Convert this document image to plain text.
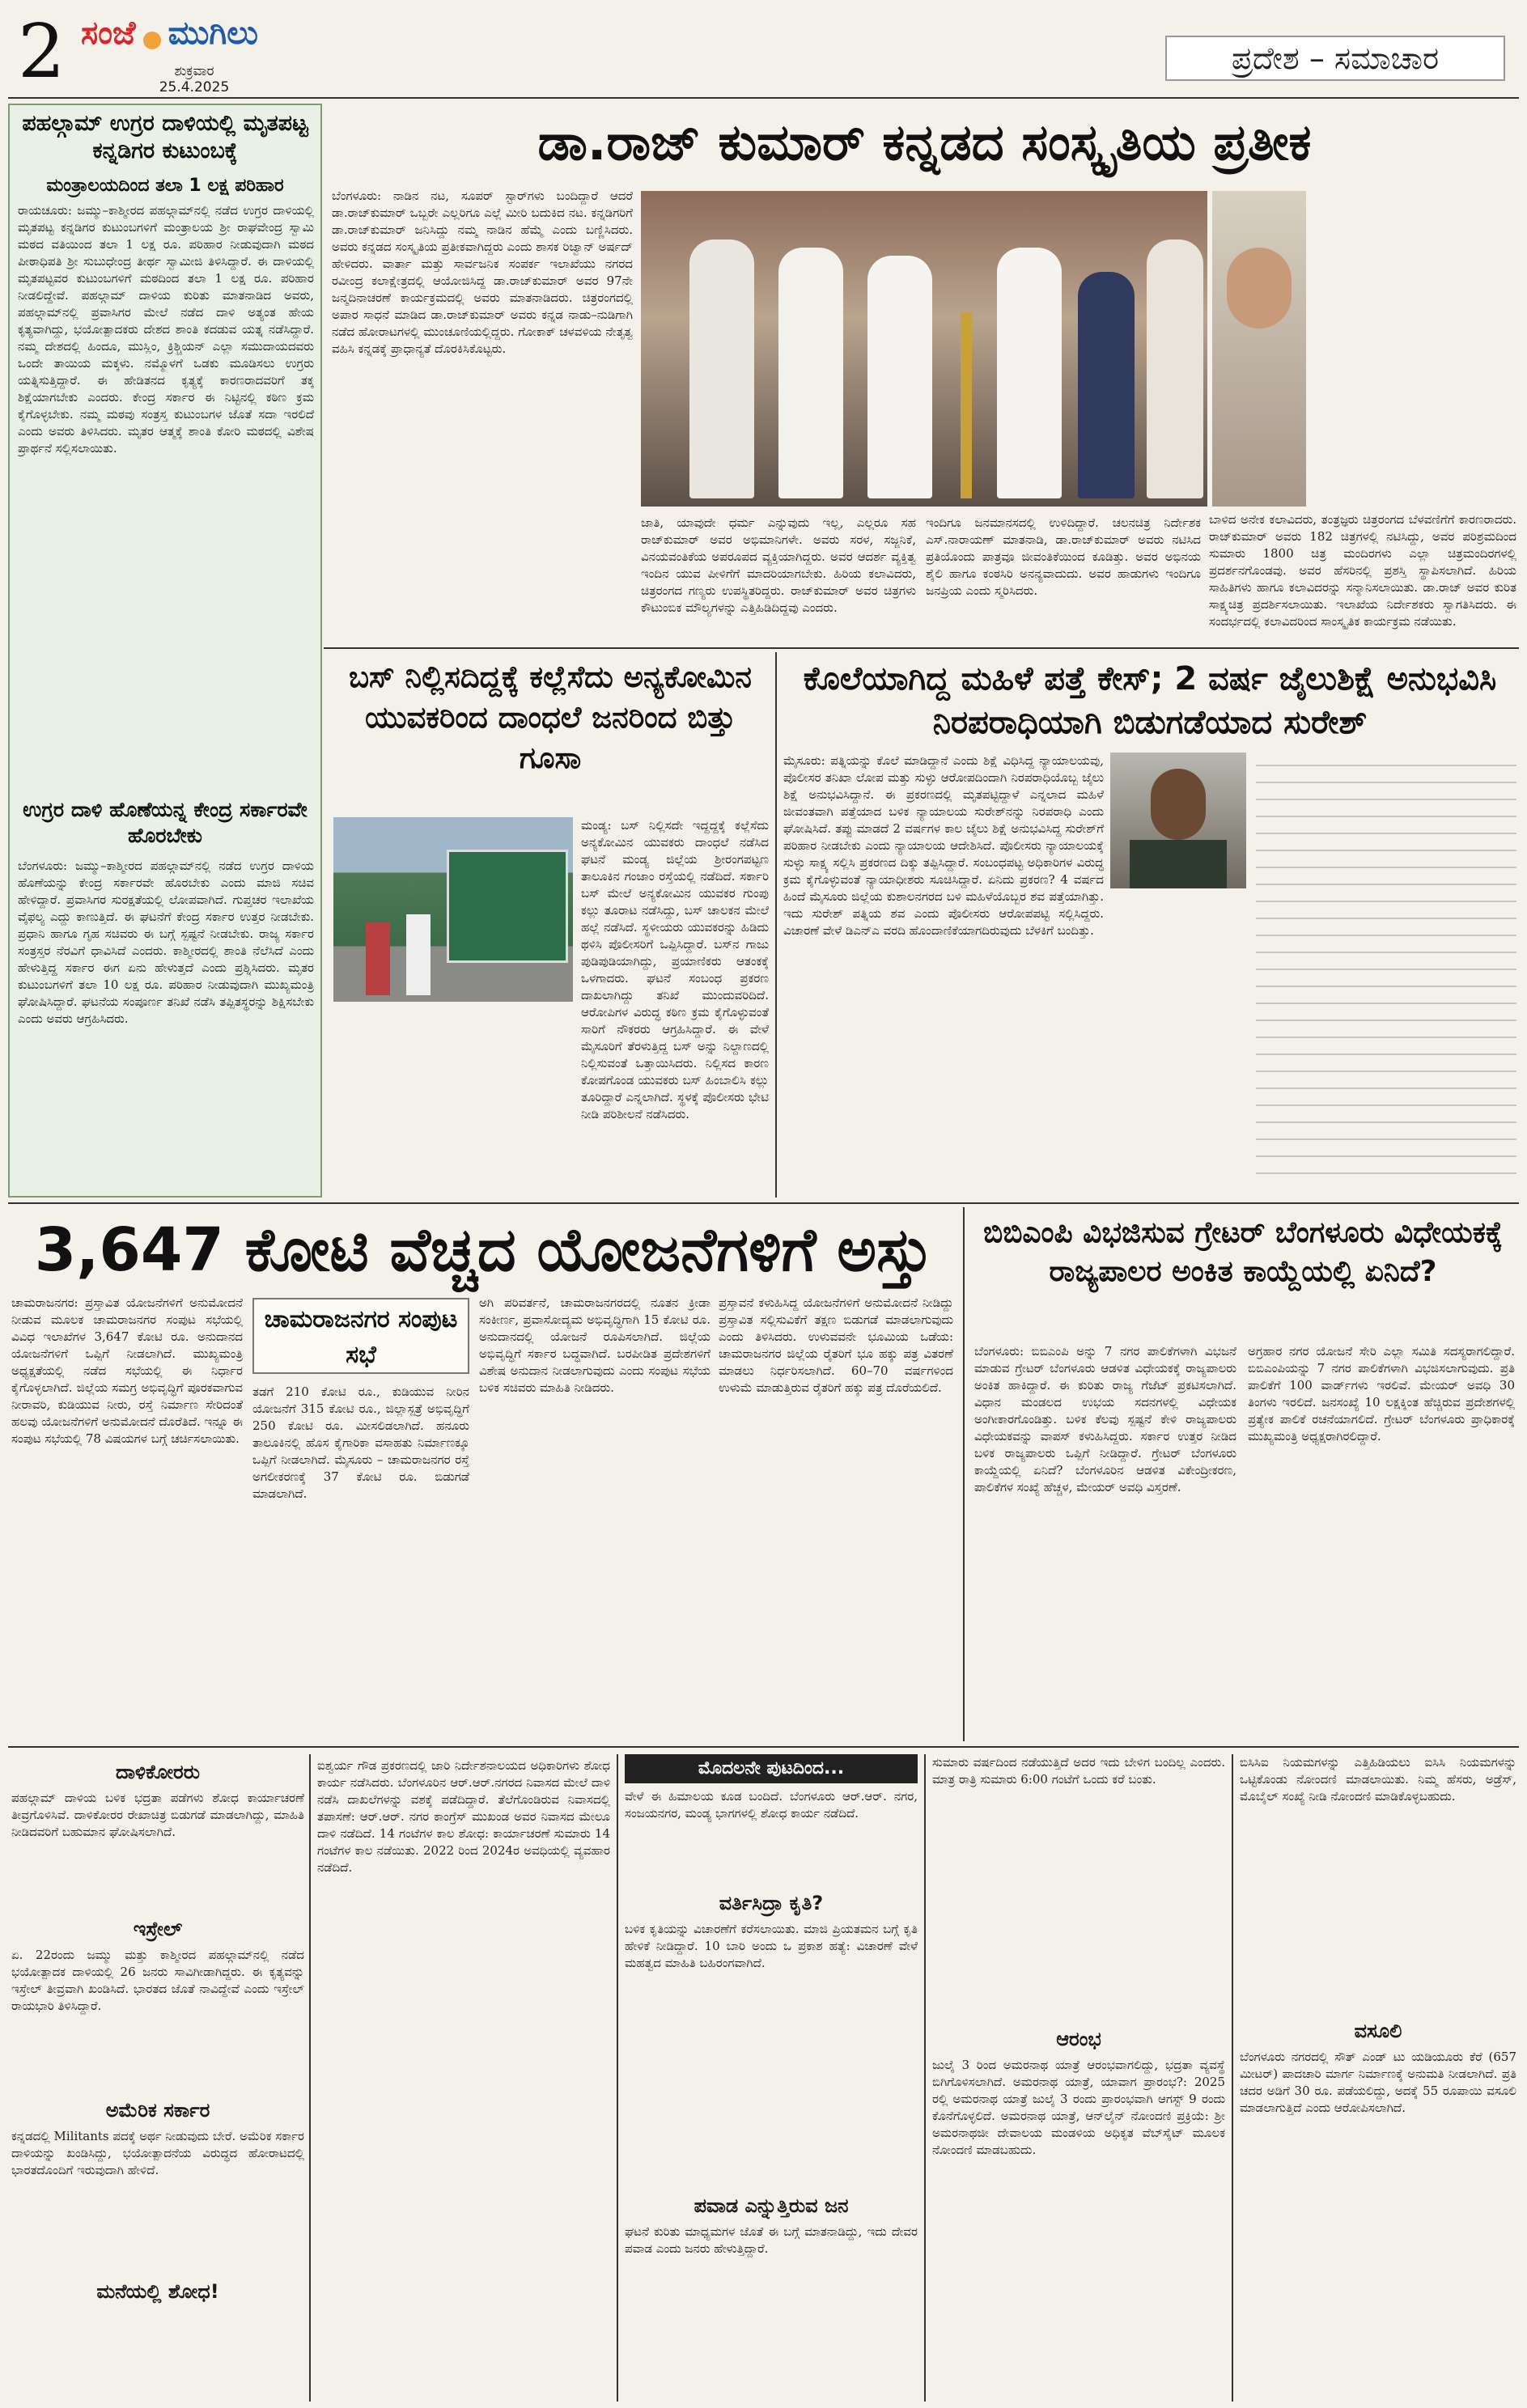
2 ಸಂಜೆ ಮುಗಿಲು
ಶುಕ್ರವಾರ
25.4.2025
ಪ್ರದೇಶ – ಸಮಾಚಾರ
ಪಹಲ್ಗಾಮ್ ಉಗ್ರರ ದಾಳಿಯಲ್ಲಿ ಮೃತಪಟ್ಟ ಕನ್ನಡಿಗರ ಕುಟುಂಬಕ್ಕೆ
ಮಂತ್ರಾಲಯದಿಂದ ತಲಾ 1 ಲಕ್ಷ ಪರಿಹಾರ
ರಾಯಚೂರು: ಜಮ್ಮು–ಕಾಶ್ಮೀರದ ಪಹಲ್ಗಾಮ್‌ನಲ್ಲಿ ನಡೆದ ಉಗ್ರರ ದಾಳಿಯಲ್ಲಿ ಮೃತಪಟ್ಟ ಕನ್ನಡಿಗರ ಕುಟುಂಬಗಳಿಗೆ ಮಂತ್ರಾಲಯ ಶ್ರೀ ರಾಘವೇಂದ್ರ ಸ್ವಾಮಿ ಮಠದ ವತಿಯಿಂದ ತಲಾ 1 ಲಕ್ಷ ರೂ. ಪರಿಹಾರ ನೀಡುವುದಾಗಿ ಮಠದ ಪೀಠಾಧಿಪತಿ ಶ್ರೀ ಸುಬುಧೇಂದ್ರ ತೀರ್ಥ ಸ್ವಾಮೀಜಿ ತಿಳಿಸಿದ್ದಾರೆ. ಈ ದಾಳಿಯಲ್ಲಿ ಮೃತಪಟ್ಟವರ ಕುಟುಂಬಗಳಿಗೆ ಮಠದಿಂದ ತಲಾ 1 ಲಕ್ಷ ರೂ. ಪರಿಹಾರ ನೀಡಲಿದ್ದೇವೆ. ಪಹಲ್ಗಾಮ್ ದಾಳಿಯ ಕುರಿತು ಮಾತನಾಡಿದ ಅವರು, ಪಹಲ್ಗಾಮ್‌ನಲ್ಲಿ ಪ್ರವಾಸಿಗರ ಮೇಲೆ ನಡೆದ ದಾಳಿ ಅತ್ಯಂತ ಹೇಯ ಕೃತ್ಯವಾಗಿದ್ದು, ಭಯೋತ್ಪಾದಕರು ದೇಶದ ಶಾಂತಿ ಕದಡುವ ಯತ್ನ ನಡೆಸಿದ್ದಾರೆ. ನಮ್ಮ ದೇಶದಲ್ಲಿ ಹಿಂದೂ, ಮುಸ್ಲಿಂ, ಕ್ರಿಶ್ಚಿಯನ್ ಎಲ್ಲಾ ಸಮುದಾಯದವರು ಒಂದೇ ತಾಯಿಯ ಮಕ್ಕಳು. ನಮ್ಮೊಳಗೆ ಒಡಕು ಮೂಡಿಸಲು ಉಗ್ರರು ಯತ್ನಿಸುತ್ತಿದ್ದಾರೆ. ಈ ಹೇಡಿತನದ ಕೃತ್ಯಕ್ಕೆ ಕಾರಣರಾದವರಿಗೆ ತಕ್ಕ ಶಿಕ್ಷೆಯಾಗಬೇಕು ಎಂದರು. ಕೇಂದ್ರ ಸರ್ಕಾರ ಈ ನಿಟ್ಟಿನಲ್ಲಿ ಕಠಿಣ ಕ್ರಮ ಕೈಗೊಳ್ಳಬೇಕು. ನಮ್ಮ ಮಠವು ಸಂತ್ರಸ್ತ ಕುಟುಂಬಗಳ ಜೊತೆ ಸದಾ ಇರಲಿದೆ ಎಂದು ಅವರು ತಿಳಿಸಿದರು. ಮೃತರ ಆತ್ಮಕ್ಕೆ ಶಾಂತಿ ಕೋರಿ ಮಠದಲ್ಲಿ ವಿಶೇಷ ಪ್ರಾರ್ಥನೆ ಸಲ್ಲಿಸಲಾಯಿತು.
ಉಗ್ರರ ದಾಳಿ ಹೊಣೆಯನ್ನ ಕೇಂದ್ರ ಸರ್ಕಾರವೇ ಹೊರಬೇಕು
ಬೆಂಗಳೂರು: ಜಮ್ಮು–ಕಾಶ್ಮೀರದ ಪಹಲ್ಗಾಮ್‌ನಲ್ಲಿ ನಡೆದ ಉಗ್ರರ ದಾಳಿಯ ಹೊಣೆಯನ್ನು ಕೇಂದ್ರ ಸರ್ಕಾರವೇ ಹೊರಬೇಕು ಎಂದು ಮಾಜಿ ಸಚಿವ ಹೇಳಿದ್ದಾರೆ. ಪ್ರವಾಸಿಗರ ಸುರಕ್ಷತೆಯಲ್ಲಿ ಲೋಪವಾಗಿದೆ. ಗುಪ್ತಚರ ಇಲಾಖೆಯ ವೈಫಲ್ಯ ಎದ್ದು ಕಾಣುತ್ತಿದೆ. ಈ ಘಟನೆಗೆ ಕೇಂದ್ರ ಸರ್ಕಾರ ಉತ್ತರ ನೀಡಬೇಕು. ಪ್ರಧಾನಿ ಹಾಗೂ ಗೃಹ ಸಚಿವರು ಈ ಬಗ್ಗೆ ಸ್ಪಷ್ಟನೆ ನೀಡಬೇಕು. ರಾಜ್ಯ ಸರ್ಕಾರ ಸಂತ್ರಸ್ತರ ನೆರವಿಗೆ ಧಾವಿಸಿದೆ ಎಂದರು. ಕಾಶ್ಮೀರದಲ್ಲಿ ಶಾಂತಿ ನೆಲೆಸಿದೆ ಎಂದು ಹೇಳುತ್ತಿದ್ದ ಸರ್ಕಾರ ಈಗ ಏನು ಹೇಳುತ್ತದೆ ಎಂದು ಪ್ರಶ್ನಿಸಿದರು. ಮೃತರ ಕುಟುಂಬಗಳಿಗೆ ತಲಾ 10 ಲಕ್ಷ ರೂ. ಪರಿಹಾರ ನೀಡುವುದಾಗಿ ಮುಖ್ಯಮಂತ್ರಿ ಘೋಷಿಸಿದ್ದಾರೆ. ಘಟನೆಯ ಸಂಪೂರ್ಣ ತನಿಖೆ ನಡೆಸಿ ತಪ್ಪಿತಸ್ಥರನ್ನು ಶಿಕ್ಷಿಸಬೇಕು ಎಂದು ಅವರು ಆಗ್ರಹಿಸಿದರು.
ಡಾ.ರಾಜ್ ಕುಮಾರ್ ಕನ್ನಡದ ಸಂಸ್ಕೃತಿಯ ಪ್ರತೀಕ
ಬೆಂಗಳೂರು: ನಾಡಿನ ನಟ, ಸೂಪರ್ ಸ್ಟಾರ್‌ಗಳು ಬಂದಿದ್ದಾರೆ ಆದರೆ ಡಾ.ರಾಜ್‌ಕುಮಾರ್ ಒಬ್ಬರೇ ಎಲ್ಲರಿಗೂ ಎಲ್ಲೆ ಮೀರಿ ಬದುಕಿದ ನಟ. ಕನ್ನಡಿಗರಿಗೆ ಡಾ.ರಾಜ್‌ಕುಮಾರ್ ಜನಿಸಿದ್ದು ನಮ್ಮ ನಾಡಿನ ಹೆಮ್ಮೆ ಎಂದು ಬಣ್ಣಿಸಿದರು. ಅವರು ಕನ್ನಡದ ಸಂಸ್ಕೃತಿಯ ಪ್ರತೀಕವಾಗಿದ್ದರು ಎಂದು ಶಾಸಕ ರಿಜ್ವಾನ್ ಅರ್ಷದ್ ಹೇಳಿದರು. ವಾರ್ತಾ ಮತ್ತು ಸಾರ್ವಜನಿಕ ಸಂಪರ್ಕ ಇಲಾಖೆಯು ನಗರದ ರವೀಂದ್ರ ಕಲಾಕ್ಷೇತ್ರದಲ್ಲಿ ಆಯೋಜಿಸಿದ್ದ ಡಾ.ರಾಜ್‌ಕುಮಾರ್ ಅವರ 97ನೇ ಜನ್ಮದಿನಾಚರಣೆ ಕಾರ್ಯಕ್ರಮದಲ್ಲಿ ಅವರು ಮಾತನಾಡಿದರು. ಚಿತ್ರರಂಗದಲ್ಲಿ ಅಪಾರ ಸಾಧನೆ ಮಾಡಿದ ಡಾ.ರಾಜ್‌ಕುಮಾರ್ ಅವರು ಕನ್ನಡ ನಾಡು–ನುಡಿಗಾಗಿ ನಡೆದ ಹೋರಾಟಗಳಲ್ಲಿ ಮುಂಚೂಣಿಯಲ್ಲಿದ್ದರು. ಗೋಕಾಕ್ ಚಳವಳಿಯ ನೇತೃತ್ವ ವಹಿಸಿ ಕನ್ನಡಕ್ಕೆ ಪ್ರಾಧಾನ್ಯತೆ ದೊರಕಿಸಿಕೊಟ್ಟರು.
ಜಾತಿ, ಯಾವುದೇ ಧರ್ಮ ಎನ್ನುವುದು ಇಲ್ಲ, ಎಲ್ಲರೂ ಸಹ ರಾಜ್‌ಕುಮಾರ್ ಅವರ ಅಭಿಮಾನಿಗಳೇ. ಅವರು ಸರಳ, ಸಜ್ಜನಿಕೆ, ವಿನಯವಂತಿಕೆಯ ಅಪರೂಪದ ವ್ಯಕ್ತಿಯಾಗಿದ್ದರು. ಅವರ ಆದರ್ಶ ವ್ಯಕ್ತಿತ್ವ ಇಂದಿನ ಯುವ ಪೀಳಿಗೆಗೆ ಮಾದರಿಯಾಗಬೇಕು. ಹಿರಿಯ ಕಲಾವಿದರು, ಚಿತ್ರರಂಗದ ಗಣ್ಯರು ಉಪಸ್ಥಿತರಿದ್ದರು. ರಾಜ್‌ಕುಮಾರ್ ಅವರ ಚಿತ್ರಗಳು ಕೌಟುಂಬಿಕ ಮೌಲ್ಯಗಳನ್ನು ಎತ್ತಿಹಿಡಿದಿದ್ದವು ಎಂದರು.
ಇಂದಿಗೂ ಜನಮಾನಸದಲ್ಲಿ ಉಳಿದಿದ್ದಾರೆ. ಚಲನಚಿತ್ರ ನಿರ್ದೇಶಕ ಎಸ್.ನಾರಾಯಣ್ ಮಾತನಾಡಿ, ಡಾ.ರಾಜ್‌ಕುಮಾರ್ ಅವರು ನಟಿಸಿದ ಪ್ರತಿಯೊಂದು ಪಾತ್ರವೂ ಜೀವಂತಿಕೆಯಿಂದ ಕೂಡಿತ್ತು. ಅವರ ಅಭಿನಯ ಶೈಲಿ ಹಾಗೂ ಕಂಠಸಿರಿ ಅನನ್ಯವಾದುದು. ಅವರ ಹಾಡುಗಳು ಇಂದಿಗೂ ಜನಪ್ರಿಯ ಎಂದು ಸ್ಮರಿಸಿದರು.
ಬಾಳಿದ ಅನೇಕ ಕಲಾವಿದರು, ತಂತ್ರಜ್ಞರು ಚಿತ್ರರಂಗದ ಬೆಳವಣಿಗೆಗೆ ಕಾರಣರಾದರು. ರಾಜ್‌ಕುಮಾರ್ ಅವರು 182 ಚಿತ್ರಗಳಲ್ಲಿ ನಟಿಸಿದ್ದು, ಅವರ ಪರಿಶ್ರಮದಿಂದ ಸುಮಾರು 1800 ಚಿತ್ರ ಮಂದಿರಗಳು ಎಲ್ಲಾ ಚಿತ್ರಮಂದಿರಗಳಲ್ಲಿ ಪ್ರದರ್ಶನಗೊಂಡವು. ಅವರ ಹೆಸರಿನಲ್ಲಿ ಪ್ರಶಸ್ತಿ ಸ್ಥಾಪಿಸಲಾಗಿದೆ. ಹಿರಿಯ ಸಾಹಿತಿಗಳು ಹಾಗೂ ಕಲಾವಿದರನ್ನು ಸನ್ಮಾನಿಸಲಾಯಿತು. ಡಾ.ರಾಜ್ ಅವರ ಕುರಿತ ಸಾಕ್ಷ್ಯಚಿತ್ರ ಪ್ರದರ್ಶಿಸಲಾಯಿತು. ಇಲಾಖೆಯ ನಿರ್ದೇಶಕರು ಸ್ವಾಗತಿಸಿದರು. ಈ ಸಂದರ್ಭದಲ್ಲಿ ಕಲಾವಿದರಿಂದ ಸಾಂಸ್ಕೃತಿಕ ಕಾರ್ಯಕ್ರಮ ನಡೆಯಿತು.
ಬಸ್ ನಿಲ್ಲಿಸದಿದ್ದಕ್ಕೆ ಕಲ್ಲೆಸೆದು ಅನ್ಯಕೋಮಿನ ಯುವಕರಿಂದ ದಾಂಧಲೆ ಜನರಿಂದ ಬಿತ್ತು ಗೂಸಾ
ಮಂಡ್ಯ: ಬಸ್ ನಿಲ್ಲಿಸದೇ ಇದ್ದದ್ದಕ್ಕೆ ಕಲ್ಲೆಸೆದು ಅನ್ಯಕೋಮಿನ ಯುವಕರು ದಾಂಧಲೆ ನಡೆಸಿದ ಘಟನೆ ಮಂಡ್ಯ ಜಿಲ್ಲೆಯ ಶ್ರೀರಂಗಪಟ್ಟಣ ತಾಲೂಕಿನ ಗಂಜಾಂ ರಸ್ತೆಯಲ್ಲಿ ನಡೆದಿದೆ. ಸರ್ಕಾರಿ ಬಸ್ ಮೇಲೆ ಅನ್ಯಕೋಮಿನ ಯುವಕರ ಗುಂಪು ಕಲ್ಲು ತೂರಾಟ ನಡೆಸಿದ್ದು, ಬಸ್ ಚಾಲಕನ ಮೇಲೆ ಹಲ್ಲೆ ನಡೆಸಿದೆ. ಸ್ಥಳೀಯರು ಯುವಕರನ್ನು ಹಿಡಿದು ಥಳಿಸಿ ಪೊಲೀಸರಿಗೆ ಒಪ್ಪಿಸಿದ್ದಾರೆ. ಬಸ್‌ನ ಗಾಜು ಪುಡಿಪುಡಿಯಾಗಿದ್ದು, ಪ್ರಯಾಣಿಕರು ಆತಂಕಕ್ಕೆ ಒಳಗಾದರು. ಘಟನೆ ಸಂಬಂಧ ಪ್ರಕರಣ ದಾಖಲಾಗಿದ್ದು ತನಿಖೆ ಮುಂದುವರಿದಿದೆ. ಆರೋಪಿಗಳ ವಿರುದ್ಧ ಕಠಿಣ ಕ್ರಮ ಕೈಗೊಳ್ಳುವಂತೆ ಸಾರಿಗೆ ನೌಕರರು ಆಗ್ರಹಿಸಿದ್ದಾರೆ. ಈ ವೇಳೆ ಮೈಸೂರಿಗೆ ತೆರಳುತ್ತಿದ್ದ ಬಸ್ ಅನ್ನು ನಿಲ್ದಾಣದಲ್ಲಿ ನಿಲ್ಲಿಸುವಂತೆ ಒತ್ತಾಯಿಸಿದರು. ನಿಲ್ಲಿಸದ ಕಾರಣ ಕೋಪಗೊಂಡ ಯುವಕರು ಬಸ್ ಹಿಂಬಾಲಿಸಿ ಕಲ್ಲು ತೂರಿದ್ದಾರೆ ಎನ್ನಲಾಗಿದೆ. ಸ್ಥಳಕ್ಕೆ ಪೊಲೀಸರು ಭೇಟಿ ನೀಡಿ ಪರಿಶೀಲನೆ ನಡೆಸಿದರು.
ಕೊಲೆಯಾಗಿದ್ದ ಮಹಿಳೆ ಪತ್ತೆ ಕೇಸ್; 2 ವರ್ಷ ಜೈಲುಶಿಕ್ಷೆ ಅನುಭವಿಸಿ ನಿರಪರಾಧಿಯಾಗಿ ಬಿಡುಗಡೆಯಾದ ಸುರೇಶ್
ಮೈಸೂರು: ಪತ್ನಿಯನ್ನು ಕೊಲೆ ಮಾಡಿದ್ದಾನೆ ಎಂದು ಶಿಕ್ಷೆ ವಿಧಿಸಿದ್ದ ನ್ಯಾಯಾಲಯವು, ಪೊಲೀಸರ ತನಿಖಾ ಲೋಪ ಮತ್ತು ಸುಳ್ಳು ಆರೋಪದಿಂದಾಗಿ ನಿರಪರಾಧಿಯೊಬ್ಬ ಜೈಲು ಶಿಕ್ಷೆ ಅನುಭವಿಸಿದ್ದಾನೆ. ಈ ಪ್ರಕರಣದಲ್ಲಿ ಮೃತಪಟ್ಟಿದ್ದಾಳೆ ಎನ್ನಲಾದ ಮಹಿಳೆ ಜೀವಂತವಾಗಿ ಪತ್ತೆಯಾದ ಬಳಿಕ ನ್ಯಾಯಾಲಯ ಸುರೇಶ್‌ನನ್ನು ನಿರಪರಾಧಿ ಎಂದು ಘೋಷಿಸಿದೆ. ತಪ್ಪು ಮಾಡದೆ 2 ವರ್ಷಗಳ ಕಾಲ ಜೈಲು ಶಿಕ್ಷೆ ಅನುಭವಿಸಿದ್ದ ಸುರೇಶ್‌ಗೆ ಪರಿಹಾರ ನೀಡಬೇಕು ಎಂದು ನ್ಯಾಯಾಲಯ ಆದೇಶಿಸಿದೆ. ಪೊಲೀಸರು ನ್ಯಾಯಾಲಯಕ್ಕೆ ಸುಳ್ಳು ಸಾಕ್ಷ್ಯ ಸಲ್ಲಿಸಿ ಪ್ರಕರಣದ ದಿಕ್ಕು ತಪ್ಪಿಸಿದ್ದಾರೆ. ಸಂಬಂಧಪಟ್ಟ ಅಧಿಕಾರಿಗಳ ವಿರುದ್ಧ ಕ್ರಮ ಕೈಗೊಳ್ಳುವಂತೆ ನ್ಯಾಯಾಧೀಶರು ಸೂಚಿಸಿದ್ದಾರೆ. ಏನಿದು ಪ್ರಕರಣ? 4 ವರ್ಷದ ಹಿಂದೆ ಮೈಸೂರು ಜಿಲ್ಲೆಯ ಕುಶಾಲನಗರದ ಬಳಿ ಮಹಿಳೆಯೊಬ್ಬರ ಶವ ಪತ್ತೆಯಾಗಿತ್ತು. ಇದು ಸುರೇಶ್ ಪತ್ನಿಯ ಶವ ಎಂದು ಪೊಲೀಸರು ಆರೋಪಪಟ್ಟಿ ಸಲ್ಲಿಸಿದ್ದರು. ವಿಚಾರಣೆ ವೇಳೆ ಡಿಎನ್‌ಎ ವರದಿ ಹೊಂದಾಣಿಕೆಯಾಗದಿರುವುದು ಬೆಳಕಿಗೆ ಬಂದಿತ್ತು.
3,647 ಕೋಟಿ ವೆಚ್ಚದ ಯೋಜನೆಗಳಿಗೆ ಅಸ್ತು
ಚಾಮರಾಜನಗರ: ಪ್ರಸ್ತಾವಿತ ಯೋಜನೆಗಳಿಗೆ ಅನುಮೋದನೆ ನೀಡುವ ಮೂಲಕ ಚಾಮರಾಜನಗರ ಸಂಪುಟ ಸಭೆಯಲ್ಲಿ ವಿವಿಧ ಇಲಾಖೆಗಳ 3,647 ಕೋಟಿ ರೂ. ಅನುದಾನದ ಯೋಜನೆಗಳಿಗೆ ಒಪ್ಪಿಗೆ ನೀಡಲಾಗಿದೆ. ಮುಖ್ಯಮಂತ್ರಿ ಅಧ್ಯಕ್ಷತೆಯಲ್ಲಿ ನಡೆದ ಸಭೆಯಲ್ಲಿ ಈ ನಿರ್ಧಾರ ಕೈಗೊಳ್ಳಲಾಗಿದೆ. ಜಿಲ್ಲೆಯ ಸಮಗ್ರ ಅಭಿವೃದ್ಧಿಗೆ ಪೂರಕವಾಗುವ ನೀರಾವರಿ, ಕುಡಿಯುವ ನೀರು, ರಸ್ತೆ ನಿರ್ಮಾಣ ಸೇರಿದಂತೆ ಹಲವು ಯೋಜನೆಗಳಿಗೆ ಅನುಮೋದನೆ ದೊರೆತಿದೆ. ಇನ್ನೂ ಈ ಸಂಪುಟ ಸಭೆಯಲ್ಲಿ 78 ವಿಷಯಗಳ ಬಗ್ಗೆ ಚರ್ಚಿಸಲಾಯಿತು.
ಚಾಮರಾಜನಗರ ಸಂಪುಟ ಸಭೆ
ತಡಗೆ 210 ಕೋಟಿ ರೂ., ಕುಡಿಯುವ ನೀರಿನ ಯೋಜನೆಗೆ 315 ಕೋಟಿ ರೂ., ಜಿಲ್ಲಾಸ್ಪತ್ರೆ ಅಭಿವೃದ್ಧಿಗೆ 250 ಕೋಟಿ ರೂ. ಮೀಸಲಿಡಲಾಗಿದೆ. ಹನೂರು ತಾಲೂಕಿನಲ್ಲಿ ಹೊಸ ಕೈಗಾರಿಕಾ ವಸಾಹತು ನಿರ್ಮಾಣಕ್ಕೂ ಒಪ್ಪಿಗೆ ನೀಡಲಾಗಿದೆ. ಮೈಸೂರು – ಚಾಮರಾಜನಗರ ರಸ್ತೆ ಅಗಲೀಕರಣಕ್ಕೆ 37 ಕೋಟಿ ರೂ. ಬಿಡುಗಡೆ ಮಾಡಲಾಗಿದೆ.
ಅಗಿ ಪರಿವರ್ತನೆ, ಚಾಮರಾಜನಗರದಲ್ಲಿ ನೂತನ ಕ್ರೀಡಾ ಸಂಕೀರ್ಣ, ಪ್ರವಾಸೋದ್ಯಮ ಅಭಿವೃದ್ಧಿಗಾಗಿ 15 ಕೋಟಿ ರೂ. ಅನುದಾನದಲ್ಲಿ ಯೋಜನೆ ರೂಪಿಸಲಾಗಿದೆ. ಜಿಲ್ಲೆಯ ಅಭಿವೃದ್ಧಿಗೆ ಸರ್ಕಾರ ಬದ್ಧವಾಗಿದೆ. ಬರಪೀಡಿತ ಪ್ರದೇಶಗಳಿಗೆ ವಿಶೇಷ ಅನುದಾನ ನೀಡಲಾಗುವುದು ಎಂದು ಸಂಪುಟ ಸಭೆಯ ಬಳಿಕ ಸಚಿವರು ಮಾಹಿತಿ ನೀಡಿದರು.
ಪ್ರಸ್ತಾವನೆ ಕಳುಹಿಸಿದ್ದ ಯೋಜನೆಗಳಿಗೆ ಅನುಮೋದನೆ ನೀಡಿದ್ದು ಪ್ರಸ್ತಾವಿತ ಸಲ್ಲಿಸುವಿಕೆಗೆ ತಕ್ಷಣ ಬಿಡುಗಡೆ ಮಾಡಲಾಗುವುದು ಎಂದು ತಿಳಿಸಿದರು. ಉಳುವವನೇ ಭೂಮಿಯ ಒಡೆಯ: ಚಾಮರಾಜನಗರ ಜಿಲ್ಲೆಯ ರೈತರಿಗೆ ಭೂ ಹಕ್ಕು ಪತ್ರ ವಿತರಣೆ ಮಾಡಲು ನಿರ್ಧರಿಸಲಾಗಿದೆ. 60–70 ವರ್ಷಗಳಿಂದ ಉಳುಮೆ ಮಾಡುತ್ತಿರುವ ರೈತರಿಗೆ ಹಕ್ಕು ಪತ್ರ ದೊರೆಯಲಿದೆ.
ಬಿಬಿಎಂಪಿ ವಿಭಜಿಸುವ ಗ್ರೇಟರ್ ಬೆಂಗಳೂರು ವಿಧೇಯಕಕ್ಕೆ ರಾಜ್ಯಪಾಲರ ಅಂಕಿತ ಕಾಯ್ದೆಯಲ್ಲಿ ಏನಿದೆ?
ಬೆಂಗಳೂರು: ಬಿಬಿಎಂಪಿ ಅನ್ನು 7 ನಗರ ಪಾಲಿಕೆಗಳಾಗಿ ವಿಭಜನೆ ಮಾಡುವ ಗ್ರೇಟರ್ ಬೆಂಗಳೂರು ಆಡಳಿತ ವಿಧೇಯಕಕ್ಕೆ ರಾಜ್ಯಪಾಲರು ಅಂಕಿತ ಹಾಕಿದ್ದಾರೆ. ಈ ಕುರಿತು ರಾಜ್ಯ ಗೆಜೆಟ್ ಪ್ರಕಟಿಸಲಾಗಿದೆ. ವಿಧಾನ ಮಂಡಲದ ಉಭಯ ಸದನಗಳಲ್ಲಿ ವಿಧೇಯಕ ಅಂಗೀಕಾರಗೊಂಡಿತ್ತು. ಬಳಿಕ ಕೆಲವು ಸ್ಪಷ್ಟನೆ ಕೇಳಿ ರಾಜ್ಯಪಾಲರು ವಿಧೇಯಕವನ್ನು ವಾಪಸ್ ಕಳುಹಿಸಿದ್ದರು. ಸರ್ಕಾರ ಉತ್ತರ ನೀಡಿದ ಬಳಿಕ ರಾಜ್ಯಪಾಲರು ಒಪ್ಪಿಗೆ ನೀಡಿದ್ದಾರೆ. ಗ್ರೇಟರ್ ಬೆಂಗಳೂರು ಕಾಯ್ದೆಯಲ್ಲಿ ಏನಿದೆ? ಬೆಂಗಳೂರಿನ ಆಡಳಿತ ವಿಕೇಂದ್ರೀಕರಣ, ಪಾಲಿಕೆಗಳ ಸಂಖ್ಯೆ ಹೆಚ್ಚಳ, ಮೇಯರ್ ಅವಧಿ ವಿಸ್ತರಣೆ.
ಅಗ್ರಹಾರ ನಗರ ಯೋಜನೆ ಸೇರಿ ಎಲ್ಲಾ ಸಮಿತಿ ಸದಸ್ಯರಾಗಲಿದ್ದಾರೆ. ಬಿಬಿಎಂಪಿಯನ್ನು 7 ನಗರ ಪಾಲಿಕೆಗಳಾಗಿ ವಿಭಜಿಸಲಾಗುವುದು. ಪ್ರತಿ ಪಾಲಿಕೆಗೆ 100 ವಾರ್ಡ್‌ಗಳು ಇರಲಿವೆ. ಮೇಯರ್ ಅವಧಿ 30 ತಿಂಗಳು ಇರಲಿದೆ. ಜನಸಂಖ್ಯೆ 10 ಲಕ್ಷಕ್ಕಿಂತ ಹೆಚ್ಚಿರುವ ಪ್ರದೇಶಗಳಲ್ಲಿ ಪ್ರತ್ಯೇಕ ಪಾಲಿಕೆ ರಚನೆಯಾಗಲಿದೆ. ಗ್ರೇಟರ್ ಬೆಂಗಳೂರು ಪ್ರಾಧಿಕಾರಕ್ಕೆ ಮುಖ್ಯಮಂತ್ರಿ ಅಧ್ಯಕ್ಷರಾಗಿರಲಿದ್ದಾರೆ.
ದಾಳಿಕೋರರು
ಪಹಲ್ಗಾಮ್ ದಾಳಿಯ ಬಳಿಕ ಭದ್ರತಾ ಪಡೆಗಳು ಶೋಧ ಕಾರ್ಯಾಚರಣೆ ತೀವ್ರಗೊಳಿಸಿವೆ. ದಾಳಿಕೋರರ ರೇಖಾಚಿತ್ರ ಬಿಡುಗಡೆ ಮಾಡಲಾಗಿದ್ದು, ಮಾಹಿತಿ ನೀಡಿದವರಿಗೆ ಬಹುಮಾನ ಘೋಷಿಸಲಾಗಿದೆ.
ಇಸ್ರೇಲ್
ಏ. 22ರಂದು ಜಮ್ಮು ಮತ್ತು ಕಾಶ್ಮೀರದ ಪಹಲ್ಗಾಮ್‌ನಲ್ಲಿ ನಡೆದ ಭಯೋತ್ಪಾದಕ ದಾಳಿಯಲ್ಲಿ 26 ಜನರು ಸಾವಿಗೀಡಾಗಿದ್ದರು. ಈ ಕೃತ್ಯವನ್ನು ಇಸ್ರೇಲ್ ತೀವ್ರವಾಗಿ ಖಂಡಿಸಿದೆ. ಭಾರತದ ಜೊತೆ ನಾವಿದ್ದೇವೆ ಎಂದು ಇಸ್ರೇಲ್ ರಾಯಭಾರಿ ತಿಳಿಸಿದ್ದಾರೆ.
ಅಮೆರಿಕ ಸರ್ಕಾರ
ಕನ್ನಡದಲ್ಲಿ Militants ಪದಕ್ಕೆ ಅರ್ಥ ನೀಡುವುದು ಬೇರೆ. ಅಮೆರಿಕ ಸರ್ಕಾರ ದಾಳಿಯನ್ನು ಖಂಡಿಸಿದ್ದು, ಭಯೋತ್ಪಾದನೆಯ ವಿರುದ್ಧದ ಹೋರಾಟದಲ್ಲಿ ಭಾರತದೊಂದಿಗೆ ಇರುವುದಾಗಿ ಹೇಳಿದೆ.
ಮನೆಯಲ್ಲಿ ಶೋಧ!
ಐಶ್ವರ್ಯ ಗೌಡ ಪ್ರಕರಣದಲ್ಲಿ ಜಾರಿ ನಿರ್ದೇಶನಾಲಯದ ಅಧಿಕಾರಿಗಳು ಶೋಧ ಕಾರ್ಯ ನಡೆಸಿದರು. ಬೆಂಗಳೂರಿನ ಆರ್.ಆರ್.ನಗರದ ನಿವಾಸದ ಮೇಲೆ ದಾಳಿ ನಡೆಸಿ ದಾಖಲೆಗಳನ್ನು ವಶಕ್ಕೆ ಪಡೆದಿದ್ದಾರೆ. ತೆಲೆಗೊಂಡಿರುವ ನಿವಾಸದಲ್ಲಿ ತಪಾಸಣೆ: ಆರ್.ಆರ್. ನಗರ ಕಾಂಗ್ರೆಸ್ ಮುಖಂಡ ಅವರ ನಿವಾಸದ ಮೇಲೂ ದಾಳಿ ನಡೆದಿದೆ. 14 ಗಂಟೆಗಳ ಕಾಲ ಶೋಧ: ಕಾರ್ಯಾಚರಣೆ ಸುಮಾರು 14 ಗಂಟೆಗಳ ಕಾಲ ನಡೆಯಿತು. 2022 ರಿಂದ 2024ರ ಅವಧಿಯಲ್ಲಿ ವ್ಯವಹಾರ ನಡೆದಿದೆ.
ಮೊದಲನೇ ಪುಟದಿಂದ...
ವೇಳೆ ಈ ಹಿಮಾಲಯ ಕೂಡ ಬಂದಿದೆ. ಬೆಂಗಳೂರು ಆರ್.ಆರ್. ನಗರ, ಸಂಜಯನಗರ, ಮಂಡ್ಯ ಭಾಗಗಳಲ್ಲಿ ಶೋಧ ಕಾರ್ಯ ನಡೆದಿದೆ.
ವರ್ತಿಸಿದ್ರಾ ಕೃತಿ?
ಬಳಿಕ ಕೃತಿಯನ್ನು ವಿಚಾರಣೆಗೆ ಕರೆಸಲಾಯಿತು. ಮಾಜಿ ಪ್ರಿಯತಮನ ಬಗ್ಗೆ ಕೃತಿ ಹೇಳಿಕೆ ನೀಡಿದ್ದಾರೆ. 10 ಬಾರಿ ಅಂದು ಒ ಪ್ರಕಾಶ ಹತ್ಯೆ: ವಿಚಾರಣೆ ವೇಳೆ ಮಹತ್ವದ ಮಾಹಿತಿ ಬಹಿರಂಗವಾಗಿದೆ.
ಪವಾಡ ಎನ್ನುತ್ತಿರುವ ಜನ
ಘಟನೆ ಕುರಿತು ಮಾಧ್ಯಮಗಳ ಜೊತೆ ಈ ಬಗ್ಗೆ ಮಾತನಾಡಿದ್ದು, ಇದು ದೇವರ ಪವಾಡ ಎಂದು ಜನರು ಹೇಳುತ್ತಿದ್ದಾರೆ.
ಸುಮಾರು ವರ್ಷದಿಂದ ನಡೆಯುತ್ತಿದೆ ಅದರ ಇದು ಬೇಳಿಗ ಬಂದಿಲ್ಲ ಎಂದರು. ಮಾತ್ರ ರಾತ್ರಿ ಸುಮಾರು 6:00 ಗಂಟೆಗೆ ಒಂದು ಕರೆ ಬಂತು.
ಆರಂಭ
ಜುಲೈ 3 ರಿಂದ ಅಮರನಾಥ ಯಾತ್ರೆ ಆರಂಭವಾಗಲಿದ್ದು, ಭದ್ರತಾ ವ್ಯವಸ್ಥೆ ಬಿಗಿಗೊಳಿಸಲಾಗಿದೆ. ಅಮರನಾಥ ಯಾತ್ರೆ, ಯಾವಾಗ ಪ್ರಾರಂಭ?: 2025 ರಲ್ಲಿ ಅಮರನಾಥ ಯಾತ್ರೆ ಜುಲೈ 3 ರಂದು ಪ್ರಾರಂಭವಾಗಿ ಆಗಸ್ಟ್ 9 ರಂದು ಕೊನೆಗೊಳ್ಳಲಿದೆ. ಅಮರನಾಥ ಯಾತ್ರೆ, ಆನ್‌ಲೈನ್ ನೋಂದಣಿ ಪ್ರಕ್ರಿಯೆ: ಶ್ರೀ ಅಮರನಾಥಜೀ ದೇವಾಲಯ ಮಂಡಳಿಯ ಅಧಿಕೃತ ವೆಬ್‌ಸೈಟ್ ಮೂಲಕ ನೋಂದಣಿ ಮಾಡಬಹುದು.
ಬಿಸಿಸಿಐ ನಿಯಮಗಳನ್ನು ಎತ್ತಿಹಿಡಿಯಲು ಐಸಿಸಿ ನಿಯಮಗಳನ್ನು ಒಟ್ಟಿಕೊಂಡು ನೋಂದಣಿ ಮಾಡಲಾಯಿತು. ನಿಮ್ಮ ಹೆಸರು, ಅಡ್ರೆಸ್, ಮೊಬೈಲ್ ಸಂಖ್ಯೆ ನೀಡಿ ನೋಂದಣಿ ಮಾಡಿಕೊಳ್ಳಬಹುದು.
ವಸೂಲಿ
ಬೆಂಗಳೂರು ನಗರದಲ್ಲಿ ಸೌತ್ ಎಂಡ್ ಟು ಯಡಿಯೂರು ಕೆರೆ (657 ಮೀಟರ್) ಪಾದಚಾರಿ ಮಾರ್ಗ ನಿರ್ಮಾಣಕ್ಕೆ ಅನುಮತಿ ನೀಡಲಾಗಿದೆ. ಪ್ರತಿ ಚದರ ಅಡಿಗೆ 30 ರೂ. ಪಡೆಯಲಿದ್ದು, ಅದಕ್ಕೆ 55 ರೂಪಾಯಿ ವಸೂಲಿ ಮಾಡಲಾಗುತ್ತಿದೆ ಎಂದು ಆರೋಪಿಸಲಾಗಿದೆ.
